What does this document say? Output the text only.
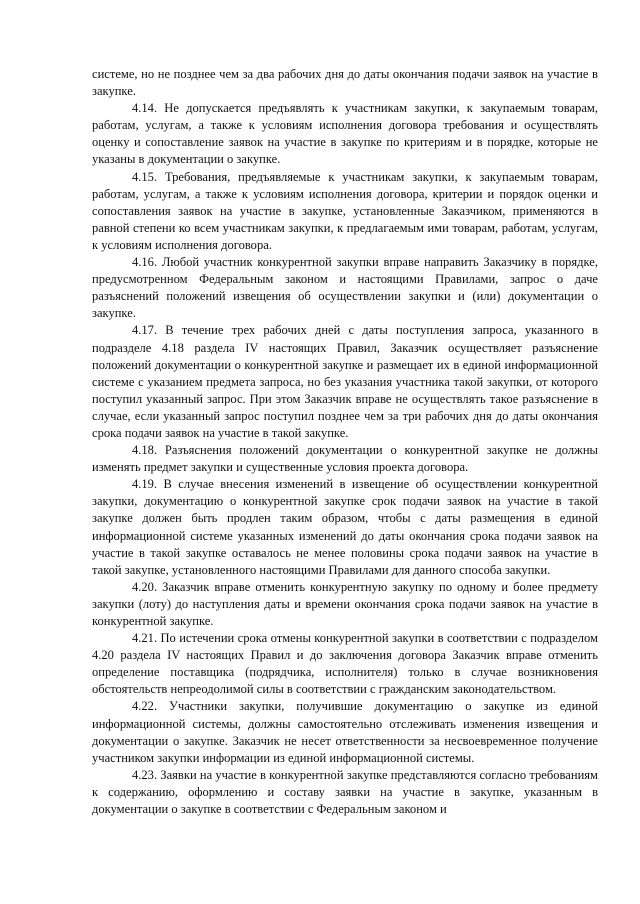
системе, но не позднее чем за два рабочих дня до даты окончания подачи заявок на участие в закупке.

4.14. Не допускается предъявлять к участникам закупки, к закупаемым товарам, работам, услугам, а также к условиям исполнения договора требования и осуществлять оценку и сопоставление заявок на участие в закупке по критериям и в порядке, которые не указаны в документации о закупке.

4.15. Требования, предъявляемые к участникам закупки, к закупаемым товарам, работам, услугам, а также к условиям исполнения договора, критерии и порядок оценки и сопоставления заявок на участие в закупке, установленные Заказчиком, применяются в равной степени ко всем участникам закупки, к предлагаемым ими товарам, работам, услугам, к условиям исполнения договора.

4.16. Любой участник конкурентной закупки вправе направить Заказчику в порядке, предусмотренном Федеральным законом и настоящими Правилами, запрос о даче разъяснений положений извещения об осуществлении закупки и (или) документации о закупке.

4.17. В течение трех рабочих дней с даты поступления запроса, указанного в подразделе 4.18 раздела IV настоящих Правил, Заказчик осуществляет разъяснение положений документации о конкурентной закупке и размещает их в единой информационной системе с указанием предмета запроса, но без указания участника такой закупки, от которого поступил указанный запрос. При этом Заказчик вправе не осуществлять такое разъяснение в случае, если указанный запрос поступил позднее чем за три рабочих дня до даты окончания срока подачи заявок на участие в такой закупке.

4.18. Разъяснения положений документации о конкурентной закупке не должны изменять предмет закупки и существенные условия проекта договора.

4.19. В случае внесения изменений в извещение об осуществлении конкурентной закупки, документацию о конкурентной закупке срок подачи заявок на участие в такой закупке должен быть продлен таким образом, чтобы с даты размещения в единой информационной системе указанных изменений до даты окончания срока подачи заявок на участие в такой закупке оставалось не менее половины срока подачи заявок на участие в такой закупке, установленного настоящими Правилами для данного способа закупки.

4.20. Заказчик вправе отменить конкурентную закупку по одному и более предмету закупки (лоту) до наступления даты и времени окончания срока подачи заявок на участие в конкурентной закупке.

4.21. По истечении срока отмены конкурентной закупки в соответствии с подразделом 4.20 раздела IV настоящих Правил и до заключения договора Заказчик вправе отменить определение поставщика (подрядчика, исполнителя) только в случае возникновения обстоятельств непреодолимой силы в соответствии с гражданским законодательством.

4.22. Участники закупки, получившие документацию о закупке из единой информационной системы, должны самостоятельно отслеживать изменения извещения и документации о закупке. Заказчик не несет ответственности за несвоевременное получение участником закупки информации из единой информационной системы.

4.23. Заявки на участие в конкурентной закупке представляются согласно требованиям к содержанию, оформлению и составу заявки на участие в закупке, указанным в документации о закупке в соответствии с Федеральным законом и
